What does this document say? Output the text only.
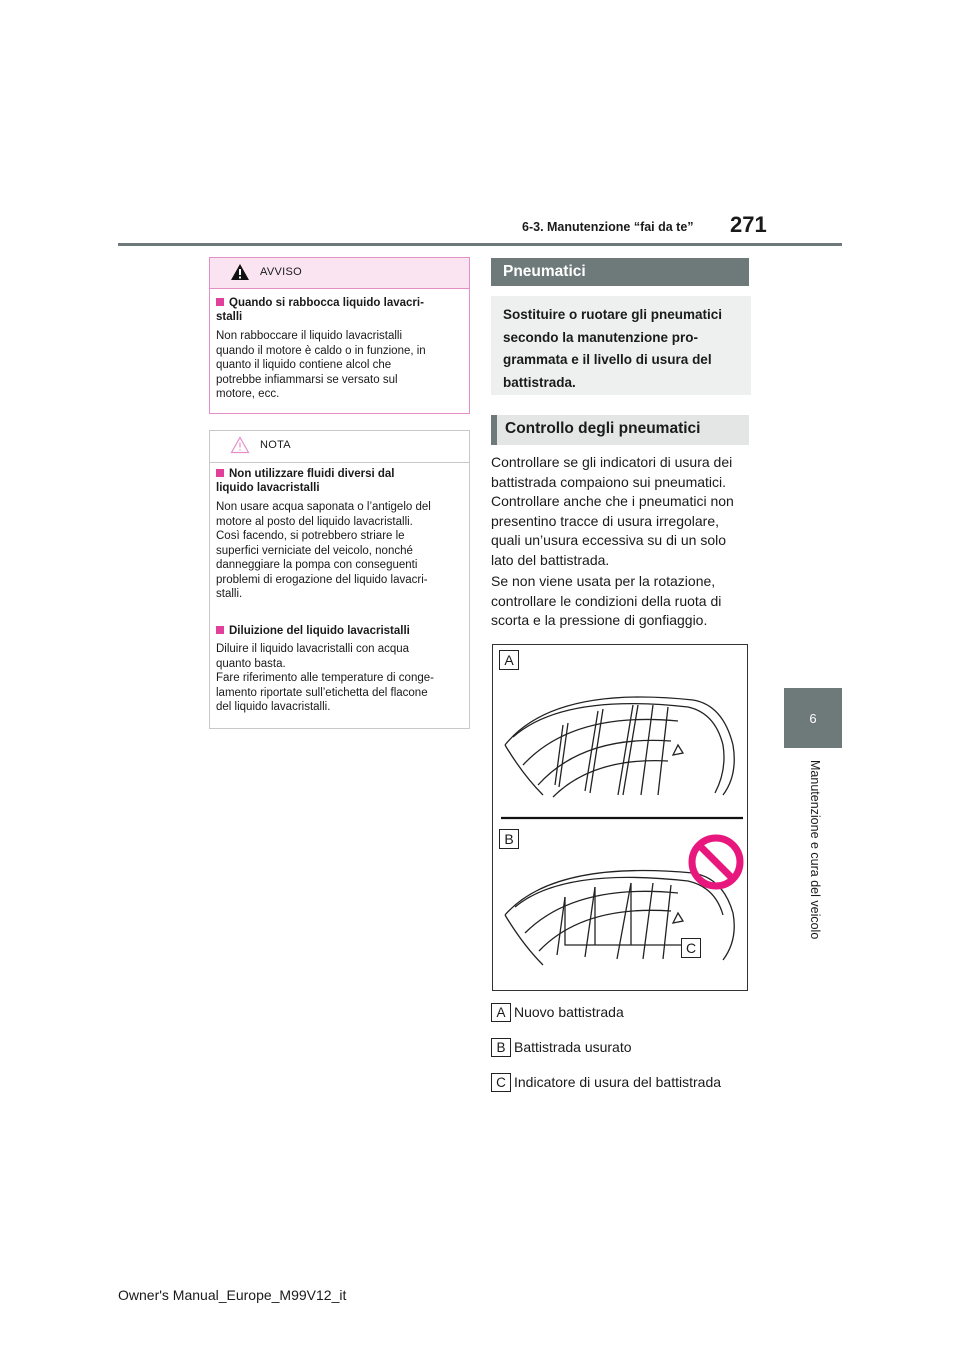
6-3. Manutenzione “fai da te” 271
6
Manutenzione e cura del veicolo
AVVISO
Quando si rabbocca liquido lavacri-
stalli
Non rabboccare il liquido lavacristalli
quando il motore è caldo o in funzione, in
quanto il liquido contiene alcol che
potrebbe infiammarsi se versato sul
motore, ecc.
NOTA
Non utilizzare fluidi diversi dal
liquido lavacristalli
Non usare acqua saponata o l’antigelo del
motore al posto del liquido lavacristalli.
Così facendo, si potrebbero striare le
superfici verniciate del veicolo, nonché
danneggiare la pompa con conseguenti
problemi di erogazione del liquido lavacri-
stalli.
Diluizione del liquido lavacristalli
Diluire il liquido lavacristalli con acqua
quanto basta.
Fare riferimento alle temperature di conge-
lamento riportate sull’etichetta del flacone
del liquido lavacristalli.
Pneumatici
Sostituire o ruotare gli pneumatici
secondo la manutenzione pro-
grammata e il livello di usura del
battistrada.
Controllo degli pneumatici
Controllare se gli indicatori di usura dei
battistrada compaiono sui pneumatici.
Controllare anche che i pneumatici non
presentino tracce di usura irregolare,
quali un’usura eccessiva su di un solo
lato del battistrada.
Se non viene usata per la rotazione,
controllare le condizioni della ruota di
scorta e la pressione di gonfiaggio.
A
B
C
A Nuovo battistrada
B Battistrada usurato
C Indicatore di usura del battistrada
Owner's Manual_Europe_M99V12_it
